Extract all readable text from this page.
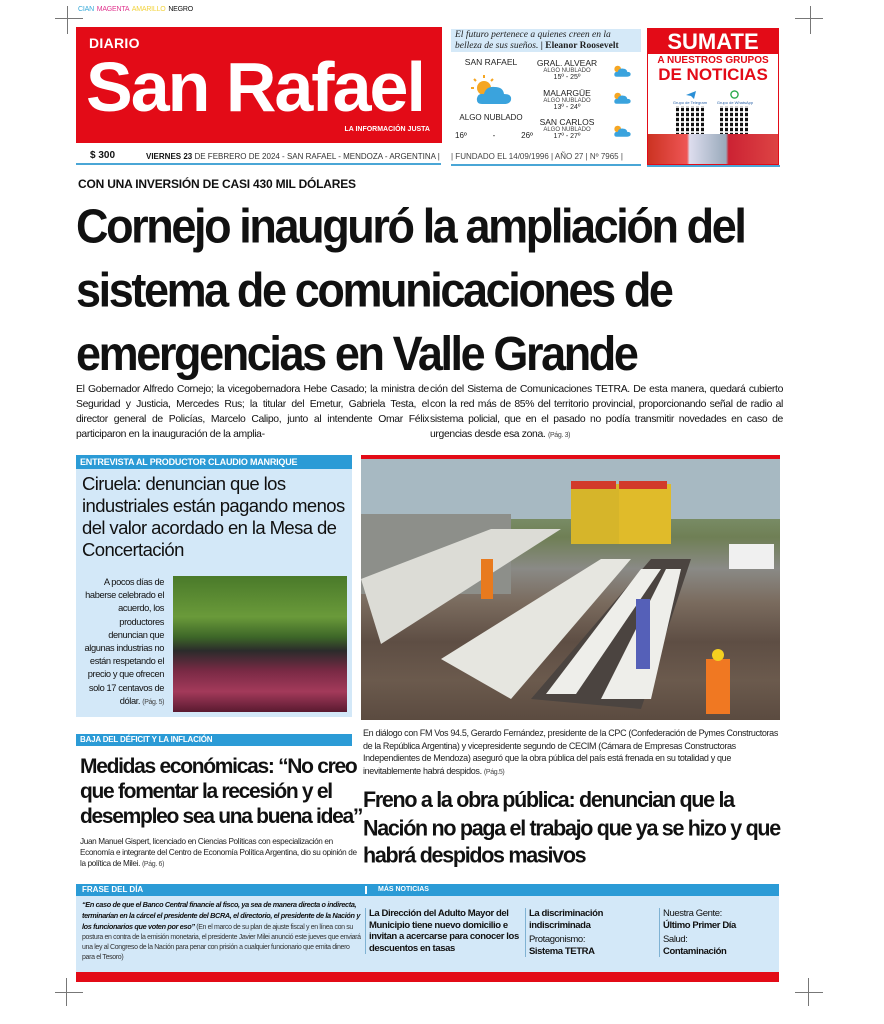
CIAN MAGENTA AMARILLO NEGRO
DIARIO
San Rafael
LA INFORMACIÓN JUSTA
$ 300	VIERNES 23 DE FEBRERO DE 2024 - SAN RAFAEL - MENDOZA - ARGENTINA |
El futuro pertenece a quienes creen en la belleza de sus sueños. | Eleanor Roosevelt
SAN RAFAEL
ALGO NUBLADO
16º	-	26º
GRAL. ALVEAR
ALGO NUBLADO
15º - 25º
MALARGÜE
ALGO NUBLADO
13º - 24º
SAN CARLOS
ALGO NUBLADO
17º - 27º
| FUNDADO EL 14/09/1996 | AÑO 27 | Nº 7965 |
SUMATE
A NUESTROS GRUPOS
DE NOTICIAS
Grupo de Telegram	Grupo de WhatsApp
CON UNA INVERSIÓN DE CASI 430 MIL DÓLARES
Cornejo inauguró la ampliación del sistema de comunicaciones de emergencias en Valle Grande
El Gobernador Alfredo Cornejo; la vicegobernadora Hebe Casado; la ministra de Seguridad y Justicia, Mercedes Rus; la titular del Emetur, Gabriela Testa, el director general de Policías, Marcelo Calipo, junto al intendente Omar Félix participaron en la inauguración de la amplia-
ción del Sistema de Comunicaciones TETRA. De esta manera, quedará cubierto con la red más de 85% del territorio provincial, proporcionando señal de radio al sistema policial, que en el pasado no podía transmitir novedades en caso de urgencias desde esa zona. (Pág. 3)
ENTREVISTA AL PRODUCTOR CLAUDIO MANRIQUE
Ciruela: denuncian que los industriales están pagando menos del valor acordado en la Mesa de Concertación
A pocos días de haberse celebrado el acuerdo, los productores denuncian que algunas industrias no están respetando el precio y que ofrecen solo 17 centavos de dólar. (Pág. 5)
BAJA DEL DÉFICIT Y LA INFLACIÓN
Medidas económicas: “No creo que fomentar la recesión y el desempleo sea una buena idea”
Juan Manuel Gispert, licenciado en Ciencias Políticas con especialización en Economía e integrante del Centro de Economía Política Argentina, dio su opinión de la política de Milei. (Pág. 6)
En diálogo con FM Vos 94.5, Gerardo Fernández, presidente de la CPC (Confederación de Pymes Constructoras de la República Argentina) y vicepresidente segundo de CECIM (Cámara de Empresas Constructoras Independientes de Mendoza) aseguró que la obra pública del país está frenada en su totalidad y que inevitablemente habrá despidos. (Pág.5)
Freno a la obra pública: denuncian que la Nación no paga el trabajo que ya se hizo y que habrá despidos masivos
FRASE DEL DÍA	MÁS NOTICIAS
“En caso de que el Banco Central financie al fisco, ya sea de manera directa o indirecta, terminarían en la cárcel el presidente del BCRA, el directorio, el presidente de la Nación y los funcionarios que voten por eso” (En el marco de su plan de ajuste fiscal y en línea con su postura en contra de la emisión monetaria, el presidente Javier Milei anunció este jueves que enviará una ley al Congreso de la Nación para penar con prisión a cualquier funcionario que emita dinero para el Tesoro)
La Dirección del Adulto Mayor del Municipio tiene nuevo domicilio e invitan a acercarse para conocer los descuentos en tasas
La discriminación indiscriminada
Protagonismo:
Sistema TETRA
Nuestra Gente:
Último Primer Día
Salud:
Contaminación
